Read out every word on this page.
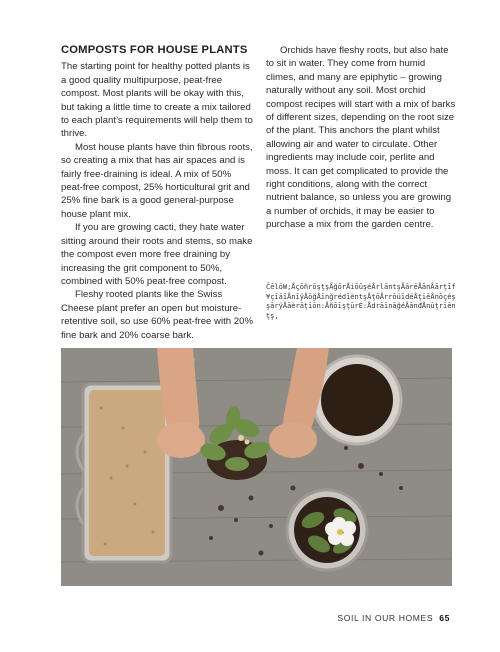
COMPOSTS FOR HOUSE PLANTS

The starting point for healthy potted plants is a good quality multipurpose, peat-free compost. Most plants will be okay with this, but taking a little time to create a mix tailored to each plant’s requirements will help them to thrive.

Most house plants have thin fibrous roots, so creating a mix that has air spaces and is fairly free-draining is ideal. A mix of 50% peat-free compost, 25% horticultural grit and 25% fine bark is a good general-purpose house plant mix.

If you are growing cacti, they hate water sitting around their roots and stems, so make the compost even more free draining by increasing the grit component to 50%, combined with 50% peat-free compost.

Fleshy rooted plants like the Swiss Cheese plant prefer an open but moisture-retentive soil, so use 60% peat-free with 20% fine bark and 20% coarse bark.

Orchids have fleshy roots, but also hate to sit in water. They come from humid climes, and many are epiphytic – growing naturally without any soil. Most orchid compost recipes will start with a mix of barks of different sizes, depending on the root size of the plant. This anchors the plant whilst allowing air and water to circulate. Other ingredients may include coir, perlite and moss. It can get complicated to provide the right conditions, along with the correct nutrient balance, so unless you are growing a number of orchids, it may be easier to purchase a mix from the garden centre.

ČēlōW;ÅçōñrōşţşÅğōrÅiōūşéÅrlāntşÅārēÅānÅārţīf¥çīāīÅnīÿÅōğÅīnğrédīèntşÅţōÅrrōüīdéÅţīēÅnōçéşşārÿÅāèrāţīōn:ÅñōīşţūrÉ:ÅdrāīnāğéÅānđÅnūţrīēnţş,
SOIL IN OUR HOMES 65
